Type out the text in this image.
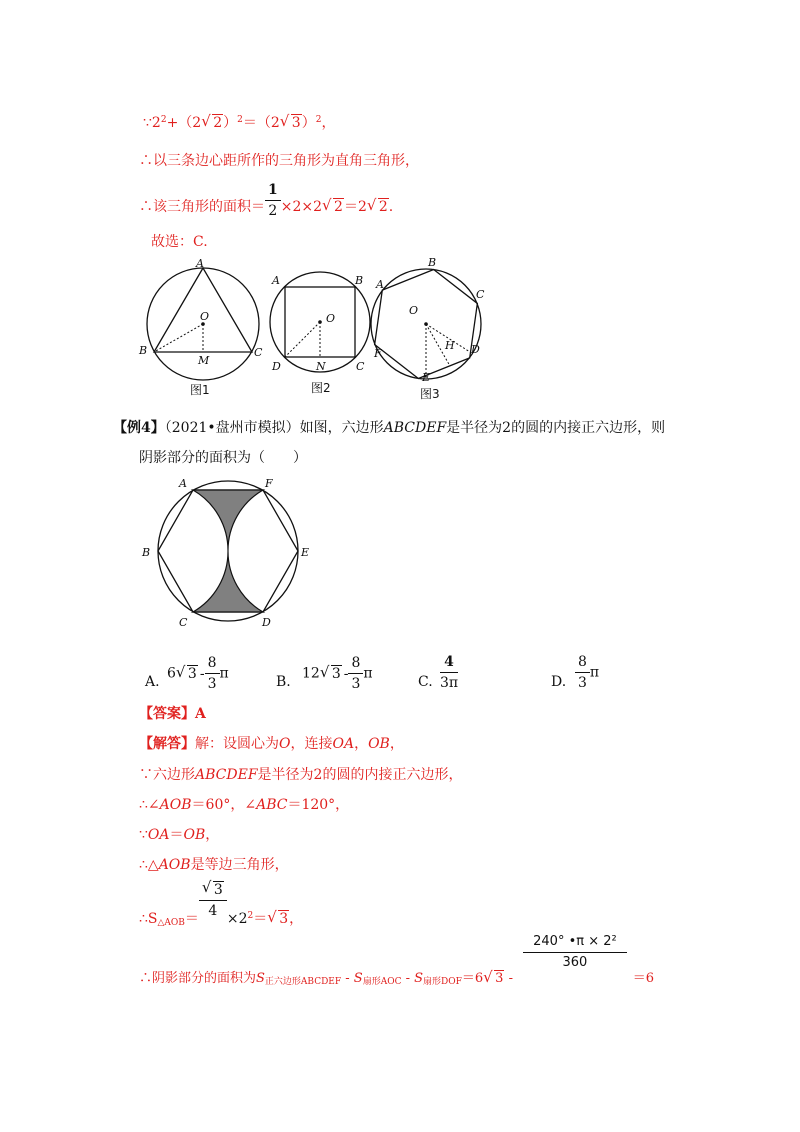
$\because 2^2+(2$ √ 2）$^2$＝（2 √ 3）$^2$，
∴以三条边心距所作的三角形为直角三角形，
∴该三角形的面积＝ $\frac{1}{2} \times 2\times 2$ √ 2＝2 √ 2.
故选：C.
A
O
B
M
C
图1
A	B
O
D	N	C
图2
B
A
C
O
H
F	D
E
图3
【例4】（2021•盘州市模拟）如图，六边形ABCDEF是半径为2的圆的内接正六边形，则
阴影部分的面积为（　　）
A	F
B	E
C	D
A.
6 √ $3 - \frac{8}{3}$ π
B.
12 √ $3 - \frac{8}{3}$ π
C. $\frac{4}{3\pi}$	D. $\frac{8}{3}$ π
【答案】A
【解答】解：设圆心为O，连接OA，OB，
∵六边形ABCDEF是半径为2的圆的内接正六边形，
∴∠AOB＝60°，∠ABC＝120°，
∵OA＝OB，
∴△AOB是等边三角形，
$\therefore S_{\triangle AOB}= \frac{√ 3}{4} \times 2_2=$ √ 3，
∴阴影部分的面积为$S_{正六边形ABCDEF} - S_{扇形AOC} - S_{扇形DOF}=6$ √ 3 -
$\frac{\text{240° •π × 2²}}{360}$
＝6
